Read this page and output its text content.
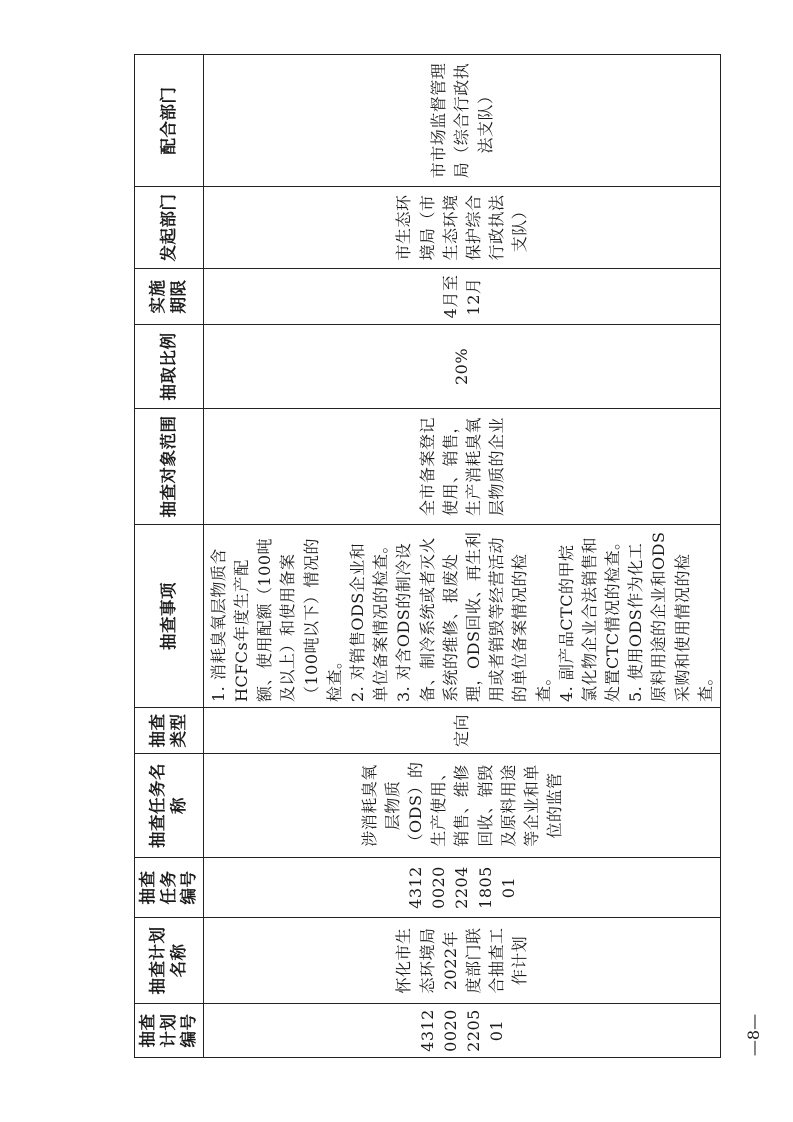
抽查计划编号	抽查计划名称	抽查任务编号	抽查任务名称	抽查类型	抽查事项	抽查对象范围	抽取比例	实施期限	发起部门	配合部门
43120020220501	怀化市生态环境局2022年度部门联合抽查工作计划	431200202204180501	涉消耗臭氧层物质（ODS）的生产使用、销售、维修回收、销毁及原料用途等企业和单位的监管	定向	1. 消耗臭氧层物质含HCFCs年度生产配额、使用配额（100吨及以上）和使用备案（100吨以下）情况的检查。 2. 对销售ODS企业和单位备案情况的检查。 3. 对含ODS的制冷设备、制冷系统或者灭火系统的维修、报废处理，ODS回收、再生利用或者销毁等经营活动的单位备案情况的检查。 4. 副产品CTC的甲烷氯化物企业合法销售和处置CTC情况的检查。 5. 使用ODS作为化工原料用途的企业和ODS采购和使用情况的检查。	全市备案登记使用、销售，生产消耗臭氧层物质的企业	20%	4月至12月	市生态环境局（市生态环境保护综合行政执法支队）	市市场监督管理局（综合行政执法支队）
—8—
